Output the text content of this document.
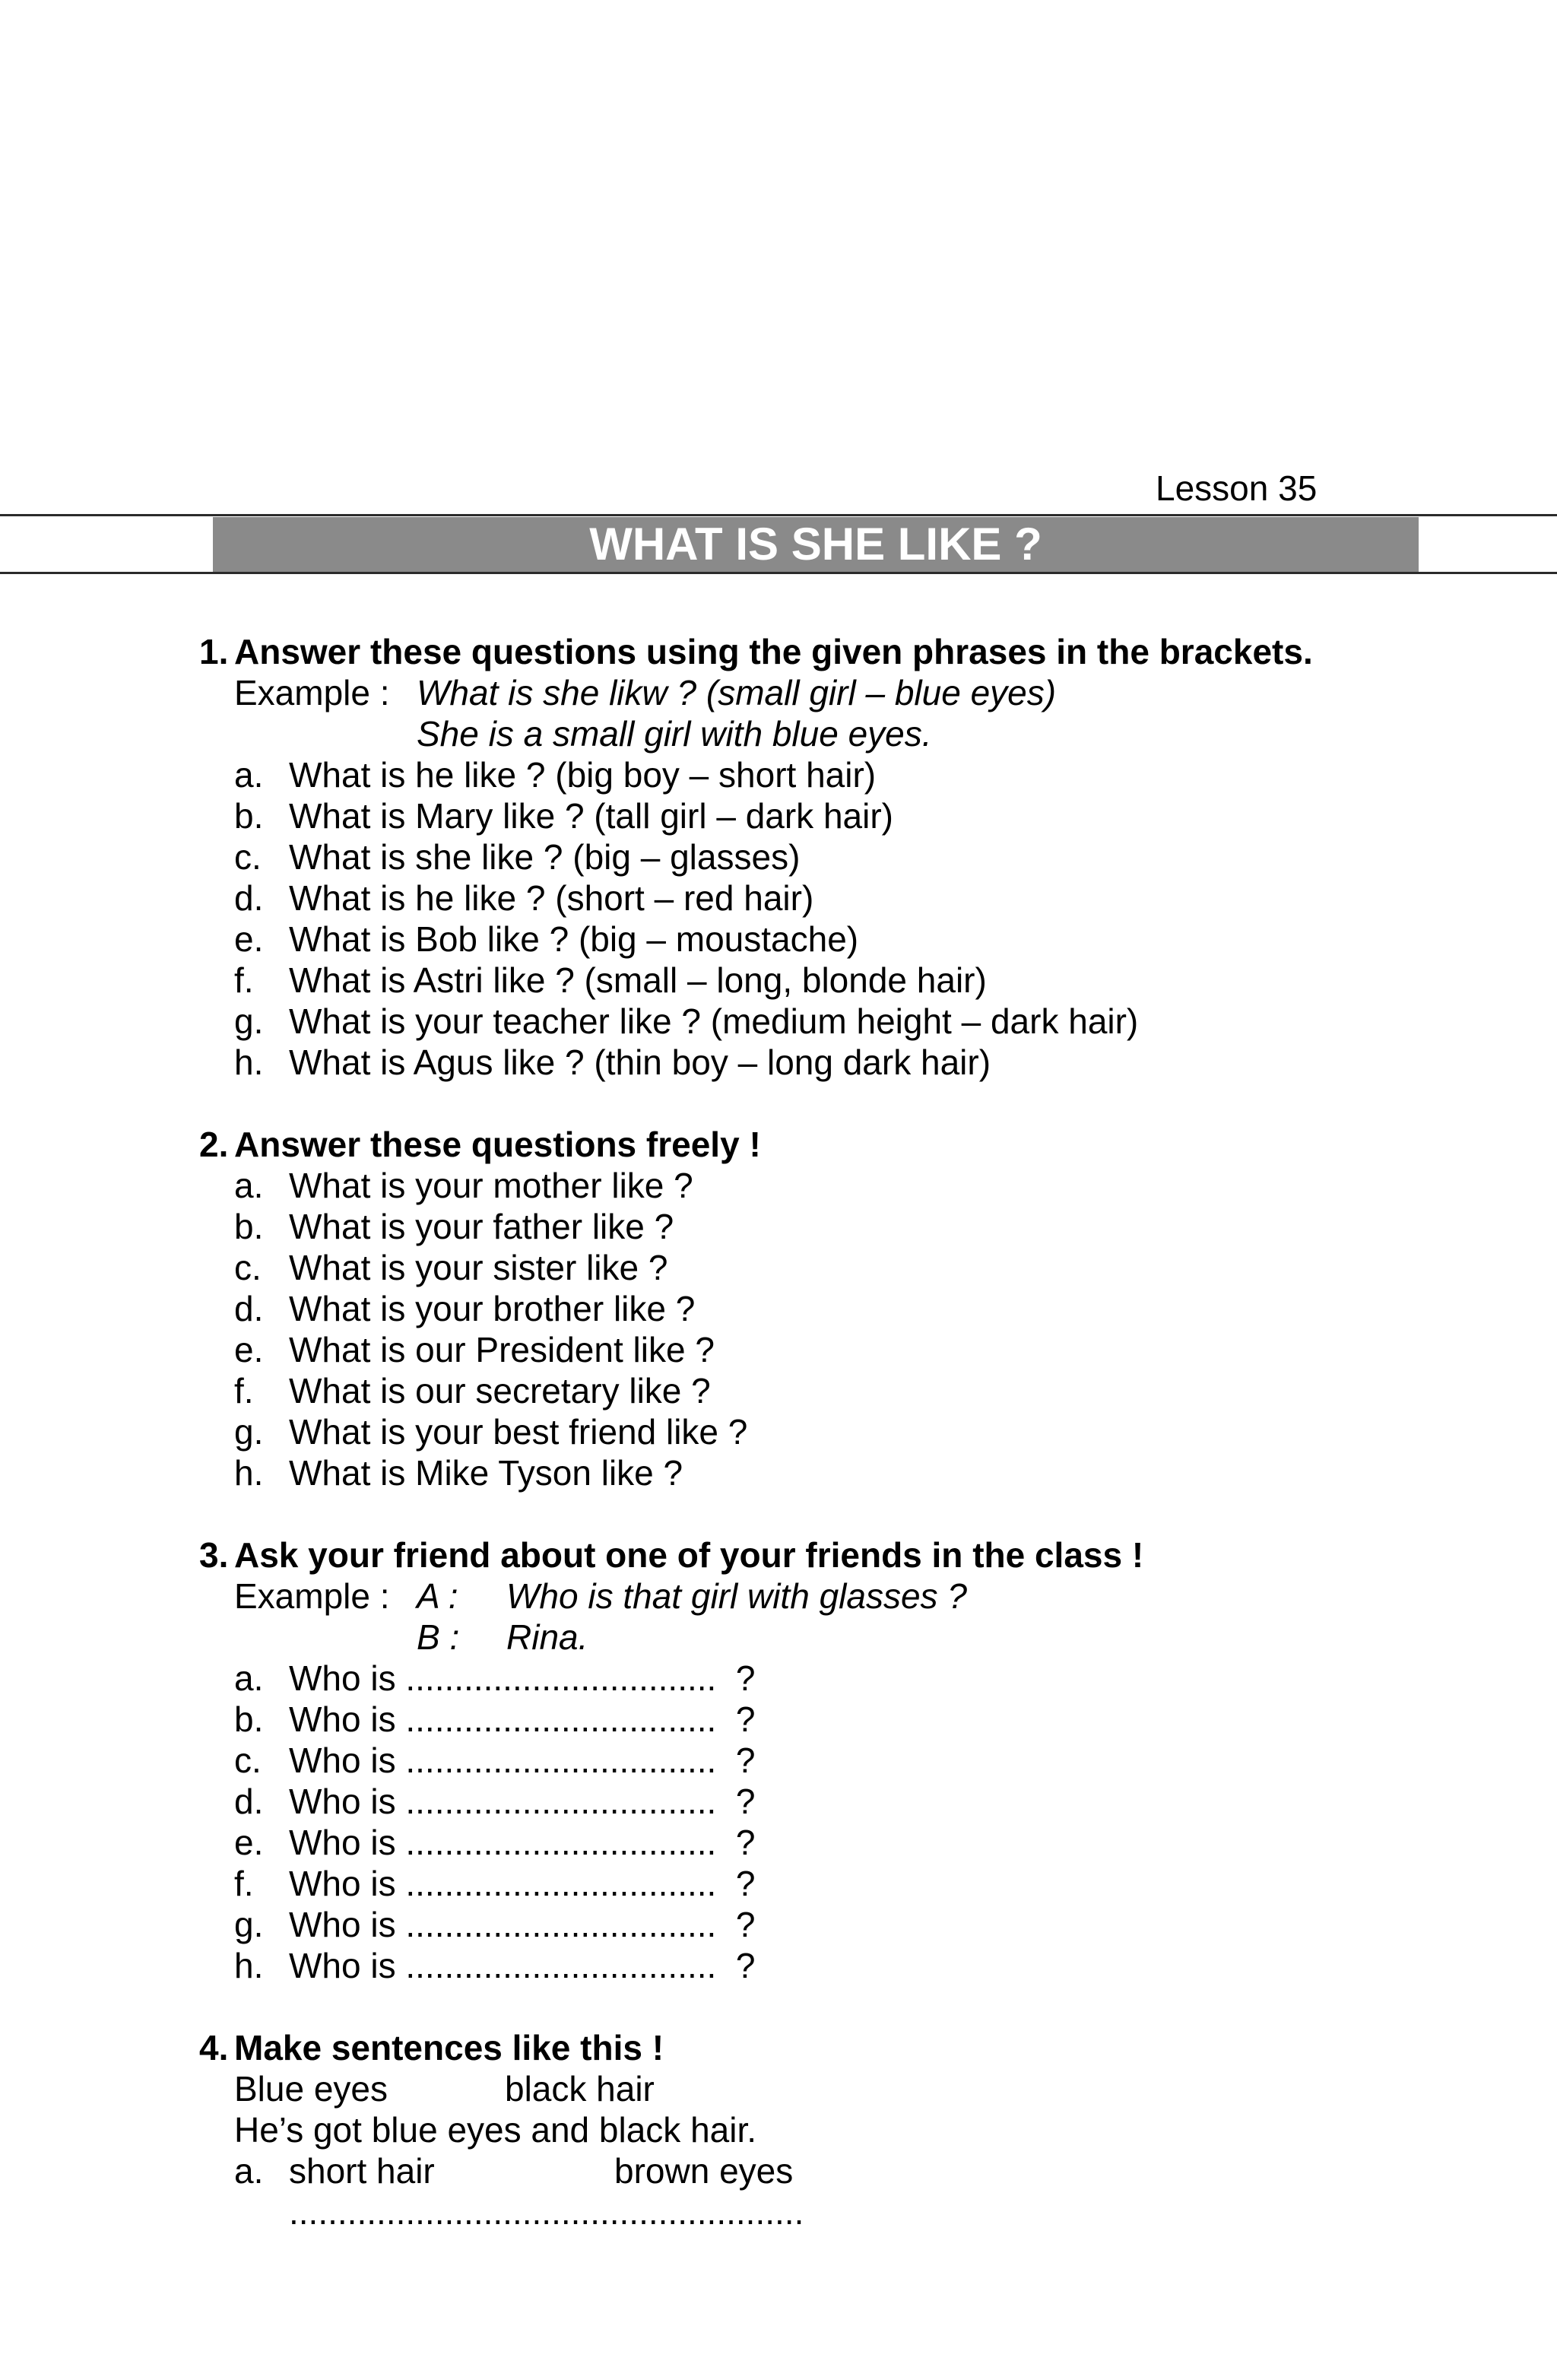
Lesson 35
WHAT IS SHE LIKE ?
1. Answer these questions using the given phrases in the brackets.
Example : What is she likw ? (small girl – blue eyes)
She is a small girl with blue eyes.
a. What is he like ? (big boy – short hair)
b. What is Mary like ? (tall girl – dark hair)
c. What is she like ? (big – glasses)
d. What is he like ? (short – red hair)
e. What is Bob like ? (big – moustache)
f. What is Astri like ? (small – long, blonde hair)
g. What is your teacher like ? (medium height – dark hair)
h. What is Agus like ? (thin boy – long dark hair)
2. Answer these questions freely !
a. What is your mother like ?
b. What is your father like ?
c. What is your sister like ?
d. What is your brother like ?
e. What is our President like ?
f. What is our secretary like ?
g. What is your best friend like ?
h. What is Mike Tyson like ?
3. Ask your friend about one of your friends in the class !
Example : A : Who is that girl with glasses ?
B : Rina.
a. Who is ................................  ?
b. Who is ................................  ?
c. Who is ................................  ?
d. Who is ................................  ?
e. Who is ................................  ?
f. Who is ................................  ?
g. Who is ................................  ?
h. Who is ................................  ?
4. Make sentences like this !
Blue eyes	black hair
He’s got blue eyes and black hair.
a. short hair	brown eyes
.....................................................
